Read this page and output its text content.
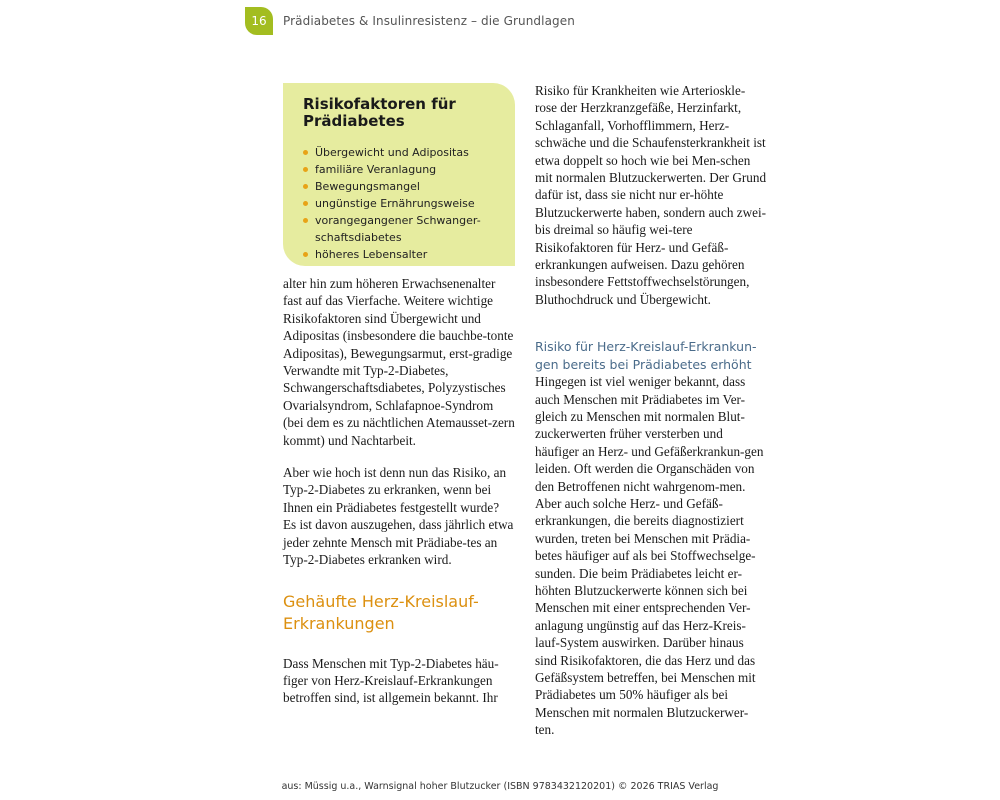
16	Prädiabetes & Insulinresistenz – die Grundlagen
Risikofaktoren für Prädiabetes
Übergewicht und Adipositas
familiäre Veranlagung
Bewegungsmangel
ungünstige Ernährungsweise
vorangegangener Schwanger-schaftsdiabetes
höheres Lebensalter

alter hin zum höheren Erwachsenenalter fast auf das Vierfache. Weitere wichtige Risikofaktoren sind Übergewicht und Adipositas (insbesondere die bauchbe-tonte Adipositas), Bewegungsarmut, erst-gradige Verwandte mit Typ-2-Diabetes, Schwangerschaftsdiabetes, Polyzystisches Ovarialsyndrom, Schlafapnoe-Syndrom (bei dem es zu nächtlichen Atemausset-zern kommt) und Nachtarbeit.

Aber wie hoch ist denn nun das Risiko, an Typ-2-Diabetes zu erkranken, wenn bei Ihnen ein Prädiabetes festgestellt wurde? Es ist davon auszugehen, dass jährlich etwa jeder zehnte Mensch mit Prädiabe-tes an Typ-2-Diabetes erkranken wird.

Gehäufte Herz-Kreislauf-Erkrankungen

Dass Menschen mit Typ-2-Diabetes häu-figer von Herz-Kreislauf-Erkrankungen betroffen sind, ist allgemein bekannt. Ihr

Risiko für Krankheiten wie Arterioskle-rose der Herzkranzgefäße, Herzinfarkt, Schlaganfall, Vorhofflimmern, Herz-schwäche und die Schaufensterkrankheit ist etwa doppelt so hoch wie bei Men-schen mit normalen Blutzuckerwerten. Der Grund dafür ist, dass sie nicht nur er-höhte Blutzuckerwerte haben, sondern auch zwei- bis dreimal so häufig wei-tere Risikofaktoren für Herz- und Gefäß-erkrankungen aufweisen. Dazu gehören insbesondere Fettstoffwechselstörungen, Bluthochdruck und Übergewicht.

Risiko für Herz-Kreislauf-Erkrankun-gen bereits bei Prädiabetes erhöht

Hingegen ist viel weniger bekannt, dass auch Menschen mit Prädiabetes im Ver-gleich zu Menschen mit normalen Blut-zuckerwerten früher versterben und häufiger an Herz- und Gefäßerkrankun-gen leiden. Oft werden die Organschäden von den Betroffenen nicht wahrgenom-men. Aber auch solche Herz- und Gefäß-erkrankungen, die bereits diagnostiziert wurden, treten bei Menschen mit Prädia-betes häufiger auf als bei Stoffwechselge-sunden. Die beim Prädiabetes leicht er-höhten Blutzuckerwerte können sich bei Menschen mit einer entsprechenden Ver-anlagung ungünstig auf das Herz-Kreis-lauf-System auswirken. Darüber hinaus sind Risikofaktoren, die das Herz und das Gefäßsystem betreffen, bei Menschen mit Prädiabetes um 50% häufiger als bei Menschen mit normalen Blutzuckerwer-ten.

aus: Müssig u.a., Warnsignal hoher Blutzucker (ISBN 9783432120201) © 2026 TRIAS Verlag
